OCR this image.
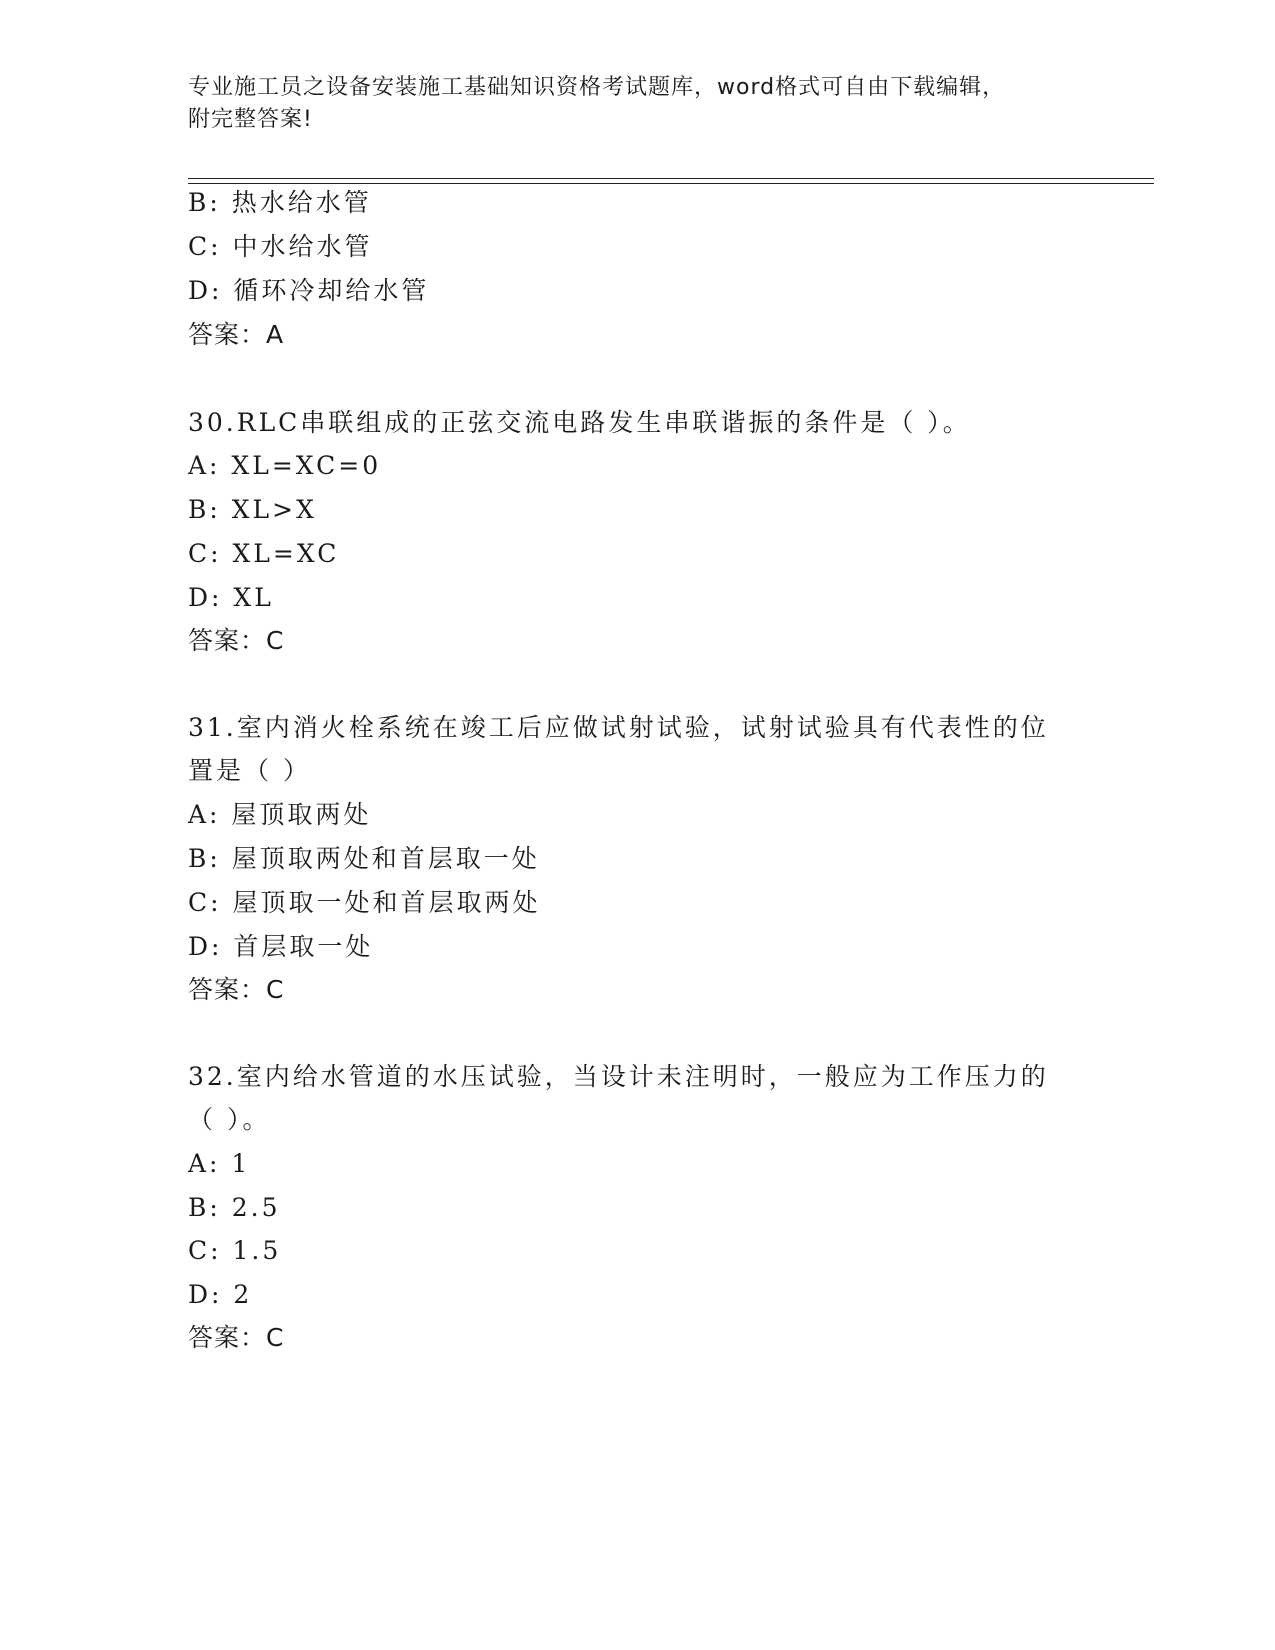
专业施工员之设备安装施工基础知识资格考试题库，word格式可自由下载编辑，
附完整答案!
B: 热水给水管
C: 中水给水管
D: 循环冷却给水管
答案：A
30.RLC串联组成的正弦交流电路发生串联谐振的条件是（ ）。
A: XL=XC=0
B: XL>X
C: XL=XC
D: XL
答案：C
31.室内消火栓系统在竣工后应做试射试验，试射试验具有代表性的位
置是（ ）
A: 屋顶取两处
B: 屋顶取两处和首层取一处
C: 屋顶取一处和首层取两处
D: 首层取一处
答案：C
32.室内给水管道的水压试验，当设计未注明时，一般应为工作压力的
（ ）。
A: 1
B: 2.5
C: 1.5
D: 2
答案：C
